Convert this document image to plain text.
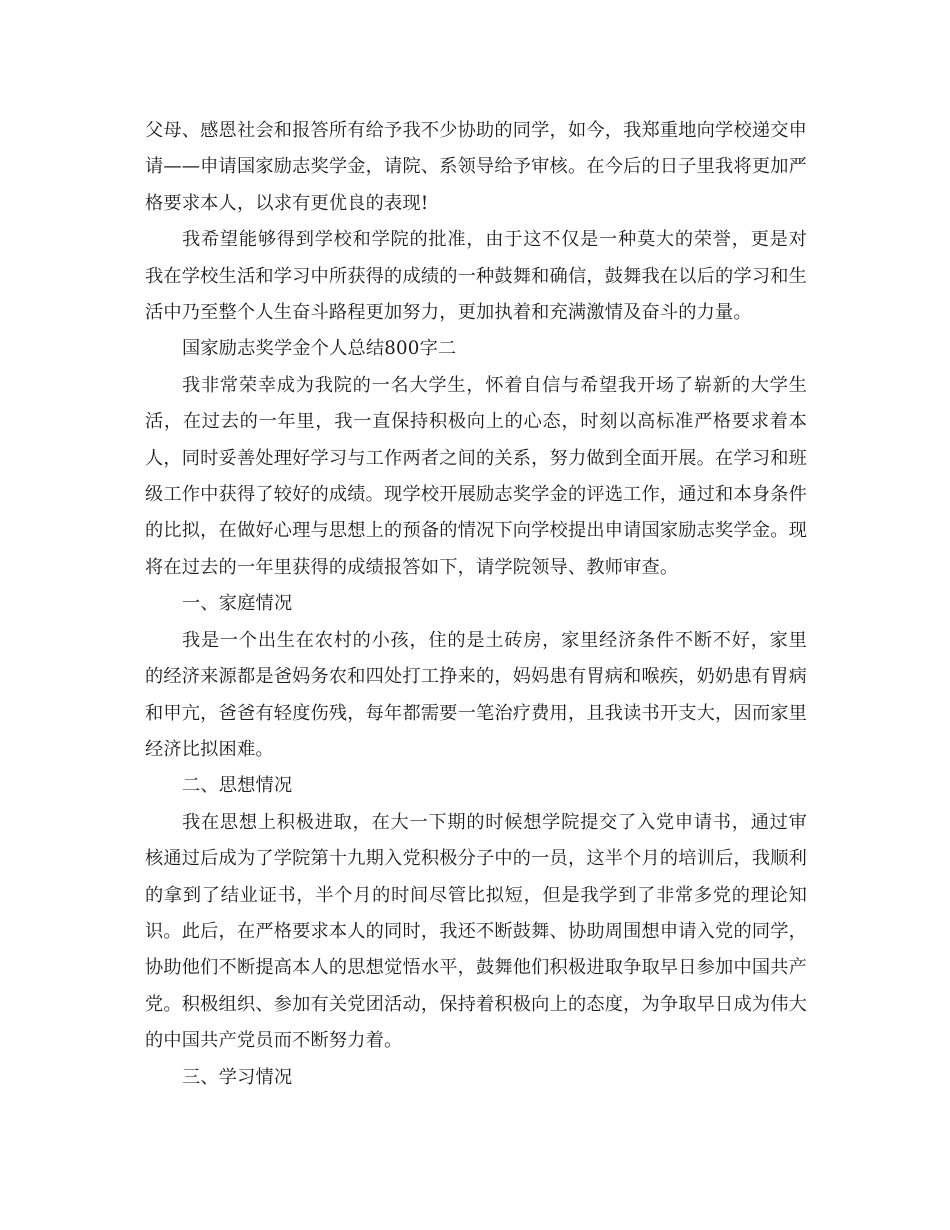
父母、感恩社会和报答所有给予我不少协助的同学，如今，我郑重地向学校递交申请——申请国家励志奖学金，请院、系领导给予审核。在今后的日子里我将更加严格要求本人，以求有更优良的表现!

我希望能够得到学校和学院的批准，由于这不仅是一种莫大的荣誉，更是对我在学校生活和学习中所获得的成绩的一种鼓舞和确信，鼓舞我在以后的学习和生活中乃至整个人生奋斗路程更加努力，更加执着和充满激情及奋斗的力量。

国家励志奖学金个人总结800字二

我非常荣幸成为我院的一名大学生，怀着自信与希望我开场了崭新的大学生活，在过去的一年里，我一直保持积极向上的心态，时刻以高标准严格要求着本人，同时妥善处理好学习与工作两者之间的关系，努力做到全面开展。在学习和班级工作中获得了较好的成绩。现学校开展励志奖学金的评选工作，通过和本身条件的比拟，在做好心理与思想上的预备的情况下向学校提出申请国家励志奖学金。现将在过去的一年里获得的成绩报答如下，请学院领导、教师审查。

一、家庭情况

我是一个出生在农村的小孩，住的是土砖房，家里经济条件不断不好，家里的经济来源都是爸妈务农和四处打工挣来的，妈妈患有胃病和喉疾，奶奶患有胃病和甲亢，爸爸有轻度伤残，每年都需要一笔治疗费用，且我读书开支大，因而家里经济比拟困难。

二、思想情况

我在思想上积极进取，在大一下期的时候想学院提交了入党申请书，通过审核通过后成为了学院第十九期入党积极分子中的一员，这半个月的培训后，我顺利的拿到了结业证书，半个月的时间尽管比拟短，但是我学到了非常多党的理论知识。此后，在严格要求本人的同时，我还不断鼓舞、协助周围想申请入党的同学，协助他们不断提高本人的思想觉悟水平，鼓舞他们积极进取争取早日参加中国共产党。积极组织、参加有关党团活动，保持着积极向上的态度，为争取早日成为伟大的中国共产党员而不断努力着。

三、学习情况
